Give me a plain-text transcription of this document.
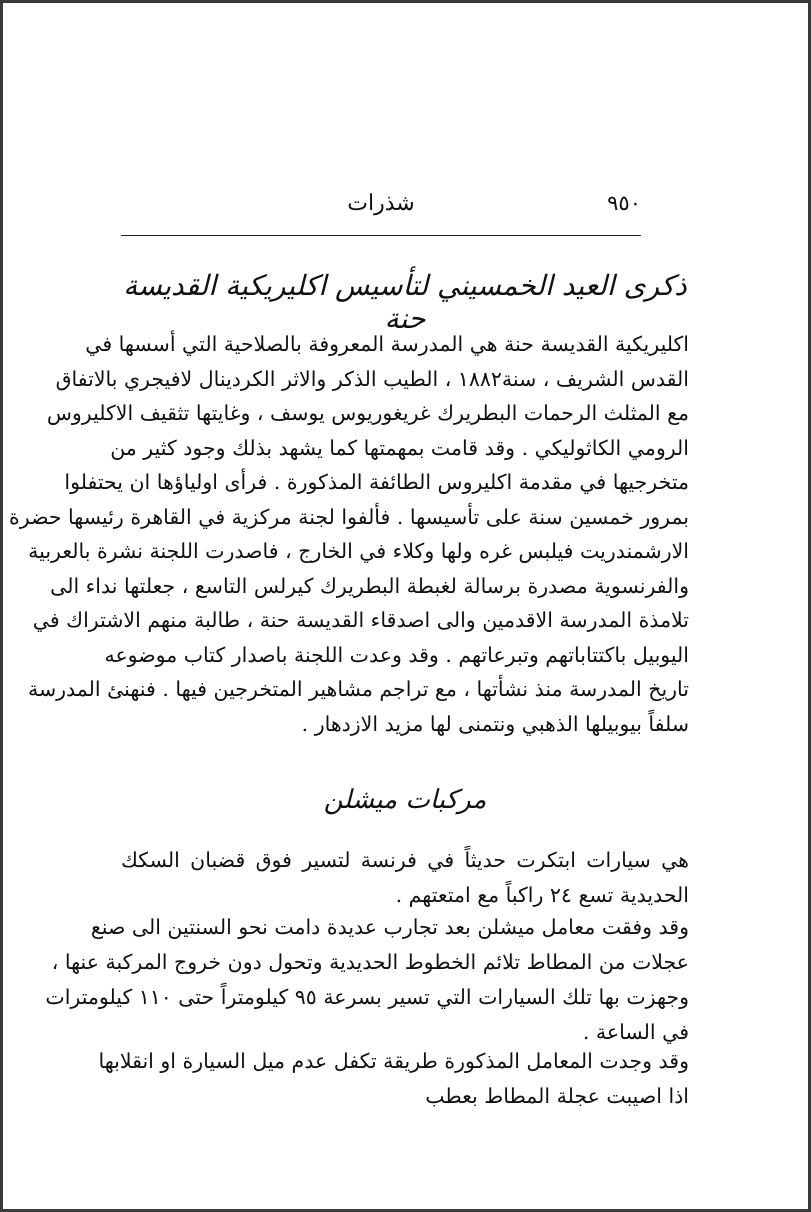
٩٥٠
شذرات
ذكرى العيد الخمسيني لتأسيس اكليريكية القديسة حنة
اكليريكية القديسة حنة هي المدرسة المعروفة بالصلاحية التي أسسها في
القدس الشريف ، سنة١٨٨٢ ، الطيب الذكر والاثر الكردينال لافيجري بالاتفاق
مع المثلث الرحمات البطريرك غريغوريوس يوسف ، وغايتها تثقيف الاكليروس
الرومي الكاثوليكي . وقد قامت بمهمتها كما يشهد بذلك وجود كثير من
متخرجيها في مقدمة اكليروس الطائفة المذكورة . فرأى اولياؤها ان يحتفلوا
بمرور خمسين سنة على تأسيسها . فألفوا لجنة مركزية في القاهرة رئيسها حضرة
الارشمندريت فيلبس غره ولها وكلاء في الخارج ، فاصدرت اللجنة نشرة بالعربية
والفرنسوية مصدرة برسالة لغبطة البطريرك كيرلس التاسع ، جعلتها نداء الى
تلامذة المدرسة الاقدمين والى اصدقاء القديسة حنة ، طالبة منهم الاشتراك في
اليوبيل باكتتاباتهم وتبرعاتهم . وقد وعدت اللجنة باصدار كتاب موضوعه
تاريخ المدرسة منذ نشأتها ، مع تراجم مشاهير المتخرجين فيها . فنهنئ المدرسة
سلفاً بيوبيلها الذهبي ونتمنى لها مزيد الازدهار .
مركبات ميشلن
هي سيارات ابتكرت حديثاً في فرنسة لتسير فوق قضبان السكك
الحديدية تسع ٢٤ راكباً مع امتعتهم .
وقد وفقت معامل ميشلن بعد تجارب عديدة دامت نحو السنتين الى صنع
عجلات من المطاط تلائم الخطوط الحديدية وتحول دون خروج المركبة عنها ،
وجهزت بها تلك السيارات التي تسير بسرعة ٩٥ كيلومتراً حتى ١١٠ كيلومترات
في الساعة .
وقد وجدت المعامل المذكورة طريقة تكفل عدم ميل السيارة او انقلابها
اذا اصيبت عجلة المطاط بعطب
